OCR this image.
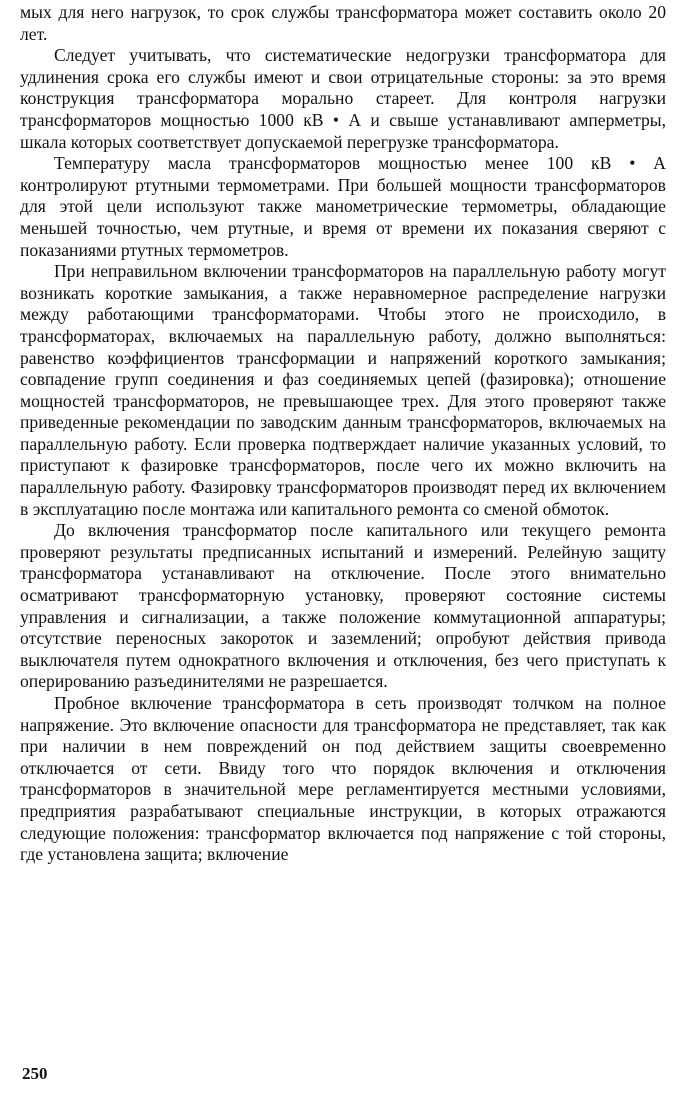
мых для него нагрузок, то срок службы трансформатора может составить около 20 лет.

Следует учитывать, что систематические недогрузки трансформатора для удлинения срока его службы имеют и свои отрицательные стороны: за это время конструкция трансформатора морально стареет. Для контроля нагрузки трансформаторов мощностью 1000 кВ • А и свыше устанавливают амперметры, шкала которых соответствует допускаемой перегрузке трансформатора.

Температуру масла трансформаторов мощностью менее 100 кВ • А контролируют ртутными термометрами. При большей мощности трансформаторов для этой цели используют также манометрические термометры, обладающие меньшей точностью, чем ртутные, и время от времени их показания сверяют с показаниями ртутных термометров.

При неправильном включении трансформаторов на параллельную работу могут возникать короткие замыкания, а также неравномерное распределение нагрузки между работающими трансформаторами. Чтобы этого не происходило, в трансформаторах, включаемых на параллельную работу, должно выполняться: равенство коэффициентов трансформации и напряжений короткого замыкания; совпадение групп соединения и фаз соединяемых цепей (фазировка); отношение мощностей трансформаторов, не превышающее трех. Для этого проверяют также приведенные рекомендации по заводским данным трансформаторов, включаемых на параллельную работу. Если проверка подтверждает наличие указанных условий, то приступают к фазировке трансформаторов, после чего их можно включить на параллельную работу. Фазировку трансформаторов производят перед их включением в эксплуатацию после монтажа или капитального ремонта со сменой обмоток.

До включения трансформатор после капитального или текущего ремонта проверяют результаты предписанных испытаний и измерений. Релейную защиту трансформатора устанавливают на отключение. После этого внимательно осматривают трансформаторную установку, проверяют состояние системы управления и сигнализации, а также положение коммутационной аппаратуры; отсутствие переносных закороток и заземлений; опробуют действия привода выключателя путем однократного включения и отключения, без чего приступать к оперированию разъединителями не разрешается.

Пробное включение трансформатора в сеть производят толчком на полное напряжение. Это включение опасности для трансформатора не представляет, так как при наличии в нем повреждений он под действием защиты своевременно отключается от сети. Ввиду того что порядок включения и отключения трансформаторов в значительной мере регламентируется местными условиями, предприятия разрабатывают специальные инструкции, в которых отражаются следующие положения: трансформатор включается под напряжение с той стороны, где установлена защита; включение

250
